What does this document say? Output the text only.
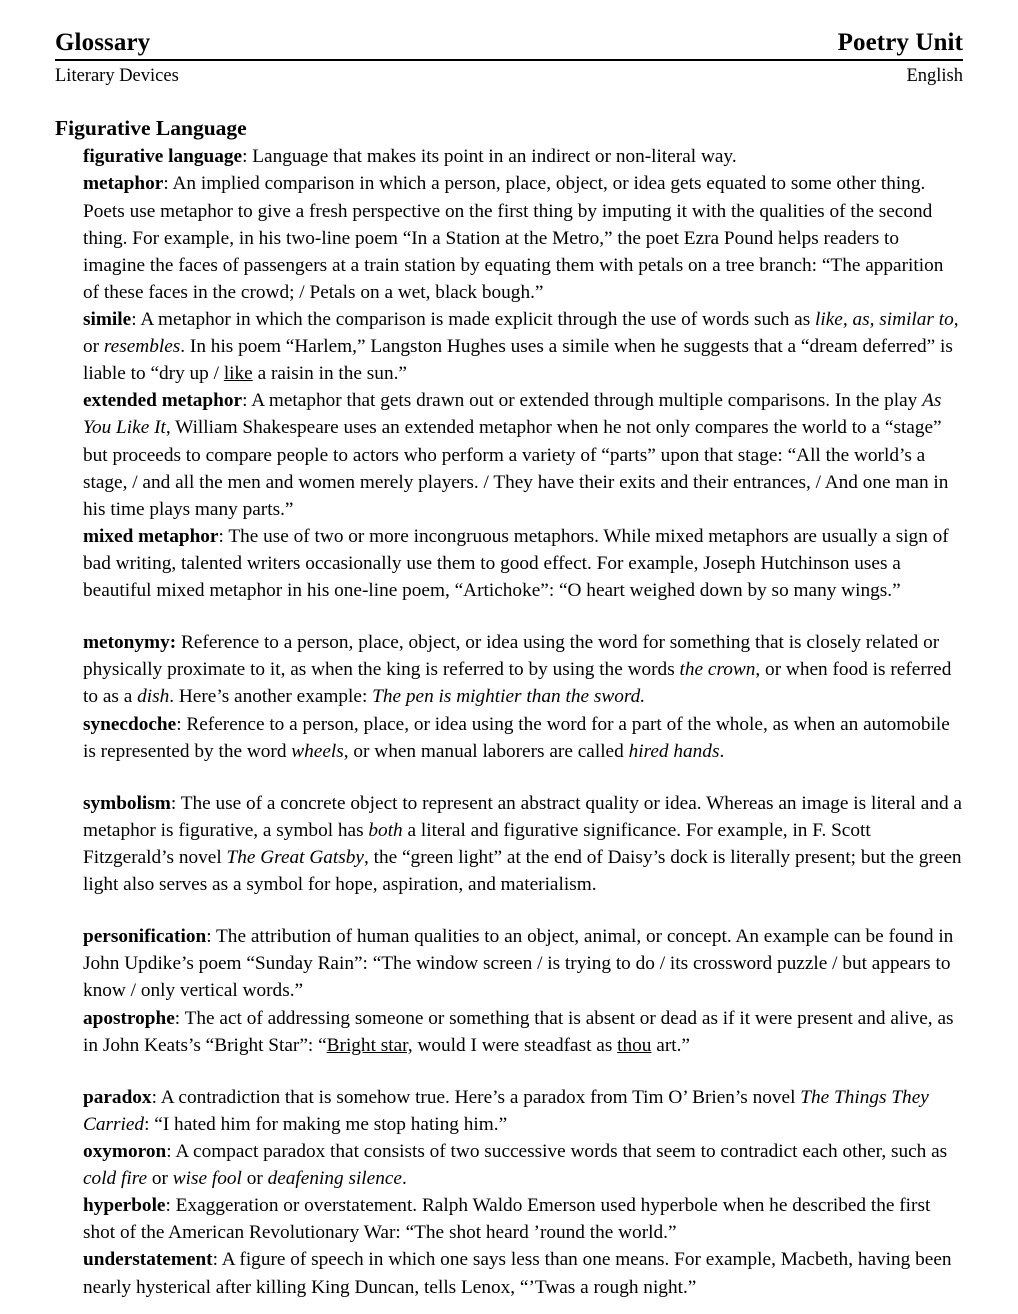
Glossary	Poetry Unit
Literary Devices	English
Figurative Language

figurative language: Language that makes its point in an indirect or non-literal way.

metaphor: An implied comparison in which a person, place, object, or idea gets equated to some other thing. Poets use metaphor to give a fresh perspective on the first thing by imputing it with the qualities of the second thing. For example, in his two-line poem “In a Station at the Metro,” the poet Ezra Pound helps readers to imagine the faces of passengers at a train station by equating them with petals on a tree branch: “The apparition of these faces in the crowd; / Petals on a wet, black bough.”

simile: A metaphor in which the comparison is made explicit through the use of words such as like, as, similar to, or resembles. In his poem “Harlem,” Langston Hughes uses a simile when he suggests that a “dream deferred” is liable to “dry up / like a raisin in the sun.”

extended metaphor: A metaphor that gets drawn out or extended through multiple comparisons. In the play As You Like It, William Shakespeare uses an extended metaphor when he not only compares the world to a “stage” but proceeds to compare people to actors who perform a variety of “parts” upon that stage: “All the world’s a stage, / and all the men and women merely players. / They have their exits and their entrances, / And one man in his time plays many parts.”

mixed metaphor: The use of two or more incongruous metaphors. While mixed metaphors are usually a sign of bad writing, talented writers occasionally use them to good effect. For example, Joseph Hutchinson uses a beautiful mixed metaphor in his one-line poem, “Artichoke”: “O heart weighed down by so many wings.”

metonymy: Reference to a person, place, object, or idea using the word for something that is closely related or physically proximate to it, as when the king is referred to by using the words the crown, or when food is referred to as a dish. Here’s another example: The pen is mightier than the sword.

synecdoche: Reference to a person, place, or idea using the word for a part of the whole, as when an automobile is represented by the word wheels, or when manual laborers are called hired hands.

symbolism: The use of a concrete object to represent an abstract quality or idea. Whereas an image is literal and a metaphor is figurative, a symbol has both a literal and figurative significance. For example, in F. Scott Fitzgerald’s novel The Great Gatsby, the “green light” at the end of Daisy’s dock is literally present; but the green light also serves as a symbol for hope, aspiration, and materialism.

personification: The attribution of human qualities to an object, animal, or concept. An example can be found in John Updike’s poem “Sunday Rain”: “The window screen / is trying to do / its crossword puzzle / but appears to know / only vertical words.”

apostrophe: The act of addressing someone or something that is absent or dead as if it were present and alive, as in John Keats’s “Bright Star”: “Bright star, would I were steadfast as thou art.”

paradox: A contradiction that is somehow true. Here’s a paradox from Tim O’ Brien’s novel The Things They Carried: “I hated him for making me stop hating him.”

oxymoron: A compact paradox that consists of two successive words that seem to contradict each other, such as cold fire or wise fool or deafening silence.

hyperbole: Exaggeration or overstatement. Ralph Waldo Emerson used hyperbole when he described the first shot of the American Revolutionary War: “The shot heard ’round the world.”

understatement: A figure of speech in which one says less than one means. For example, Macbeth, having been nearly hysterical after killing King Duncan, tells Lenox, “’Twas a rough night.”
